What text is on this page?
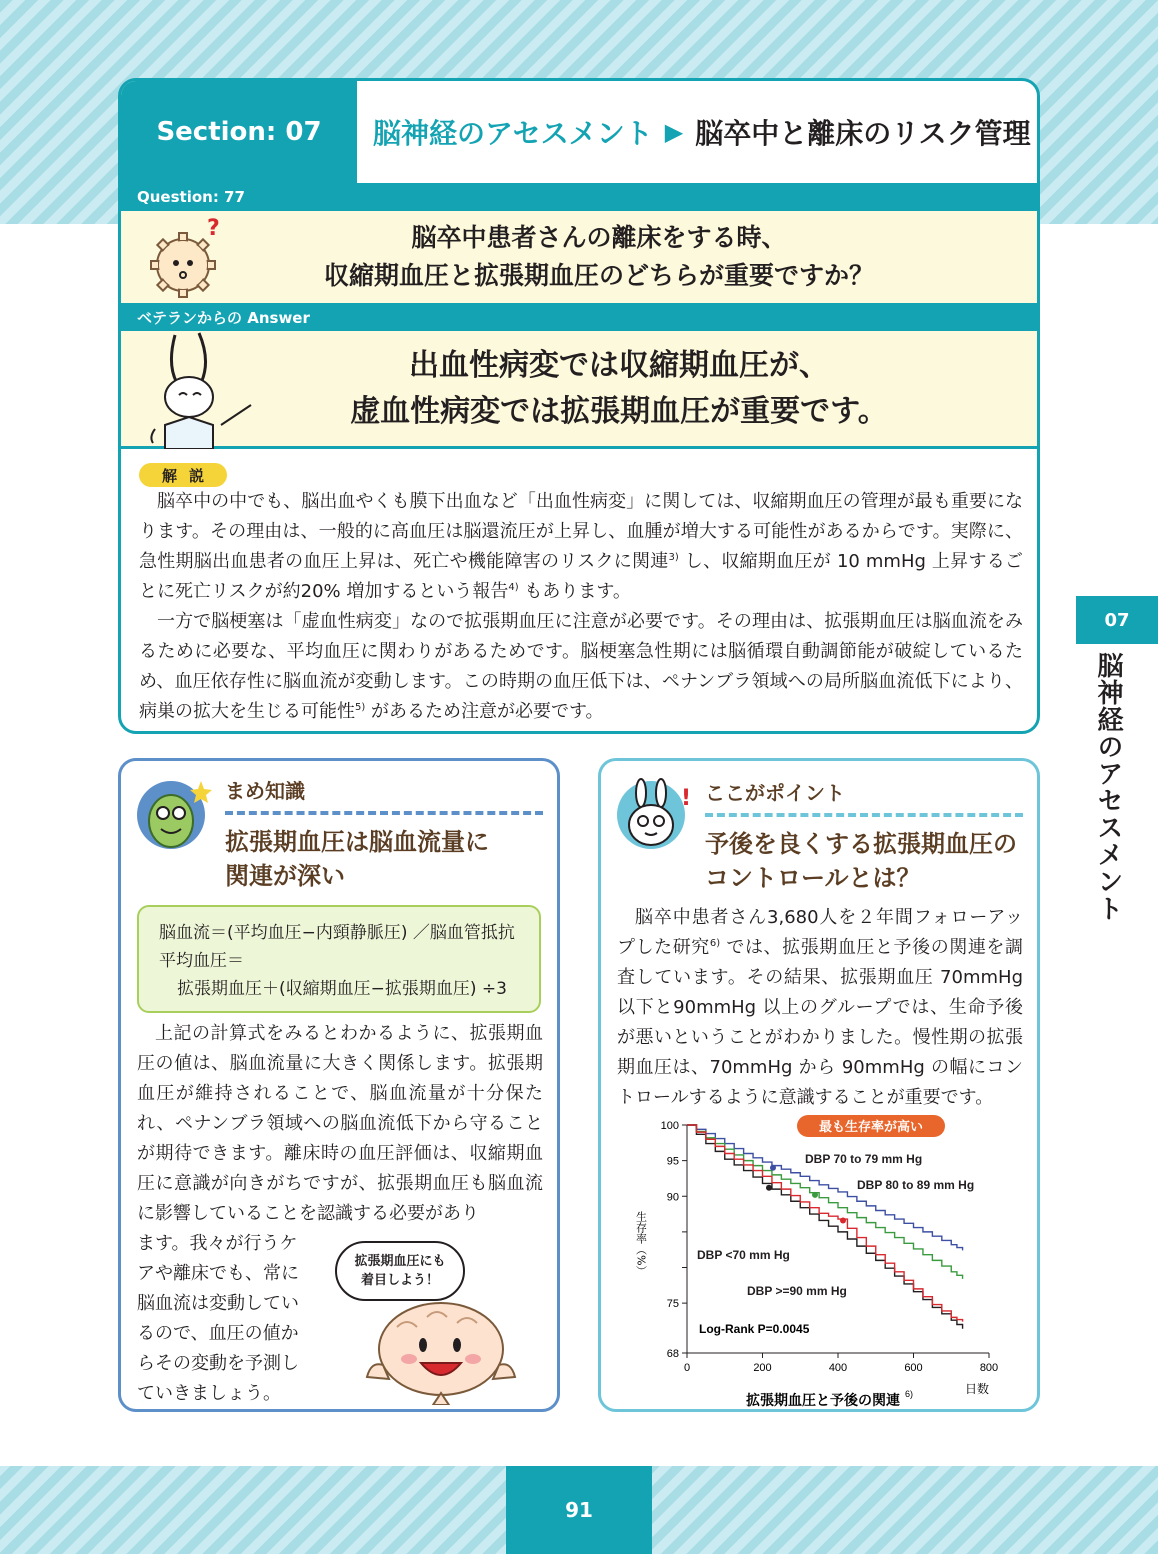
91
07
脳神経のアセスメント
Section: 07	脳神経のアセスメント ▶ 脳卒中と離床のリスク管理
Question: 77
脳卒中患者さんの離床をする時、
収縮期血圧と拡張期血圧のどちらが重要ですか？
?
ベテランからの Answer
出血性病変では収縮期血圧が、
虚血性病変では拡張期血圧が重要です。
解説

脳卒中の中でも、脳出血やくも膜下出血など「出血性病変」に関しては、収縮期血圧の管理が最も重要になります。その理由は、一般的に高血圧は脳還流圧が上昇し、血腫が増大する可能性があるからです。実際に、急性期脳出血患者の血圧上昇は、死亡や機能障害のリスクに関連$^{3)}$ し、収縮期血圧が 10 mmHg 上昇するごとに死亡リスクが約20% 増加するという報告$^{4)}$ もあります。

一方で脳梗塞は「虚血性病変」なので拡張期血圧に注意が必要です。その理由は、拡張期血圧は脳血流をみるために必要な、平均血圧に関わりがあるためです。脳梗塞急性期には脳循環自動調節能が破綻しているため、血圧依存性に脳血流が変動します。この時期の血圧低下は、ペナンブラ領域への局所脳血流低下により、病巣の拡大を生じる可能性$^{5)}$ があるため注意が必要です。

まめ知識
拡張期血圧は脳血流量に
関連が深い
脳血流＝(平均血圧−内頸静脈圧) ／脳血管抵抗
平均血圧＝
拡張期血圧＋(収縮期血圧−拡張期血圧) ÷3
上記の計算式をみるとわかるように、拡張期血圧の値は、脳血流量に大きく関係します。拡張期血圧が維持されることで、脳血流量が十分保たれ、ペナンブラ領域への脳血流低下から守ることが期待できます。離床時の血圧評価は、収縮期血圧に意識が向きがちですが、拡張期血圧も脳血流に影響していることを認識する必要があり
ます。我々が行うケ
アや離床でも、常に
脳血流は変動してい
るので、血圧の値か
らその変動を予測し
ていきましょう。
拡張期血圧にも
着目しよう！
! ここがポイント
予後を良くする拡張期血圧の
コントロールとは？

脳卒中患者さん3,680人を２年間フォローアップした研究$^{6)}$ では、拡張期血圧と予後の関連を調査しています。その結果、拡張期血圧 70mmHg 以下と90mmHg 以上のグループでは、生命予後が悪いということがわかりました。慢性期の拡張期血圧は、70mmHg から 90mmHg の幅にコントロールするように意識することが重要です。

68
75
90
95
100
0	200	400	600	800
DBP 70 to 79 mm Hg
DBP 80 to 89 mm Hg
DBP <70 mm Hg
DBP >=90 mm Hg
最も生存率が高い
Log-Rank P=0.0045
生存率（%）
日数
拡張期血圧と予後の関連 6)
